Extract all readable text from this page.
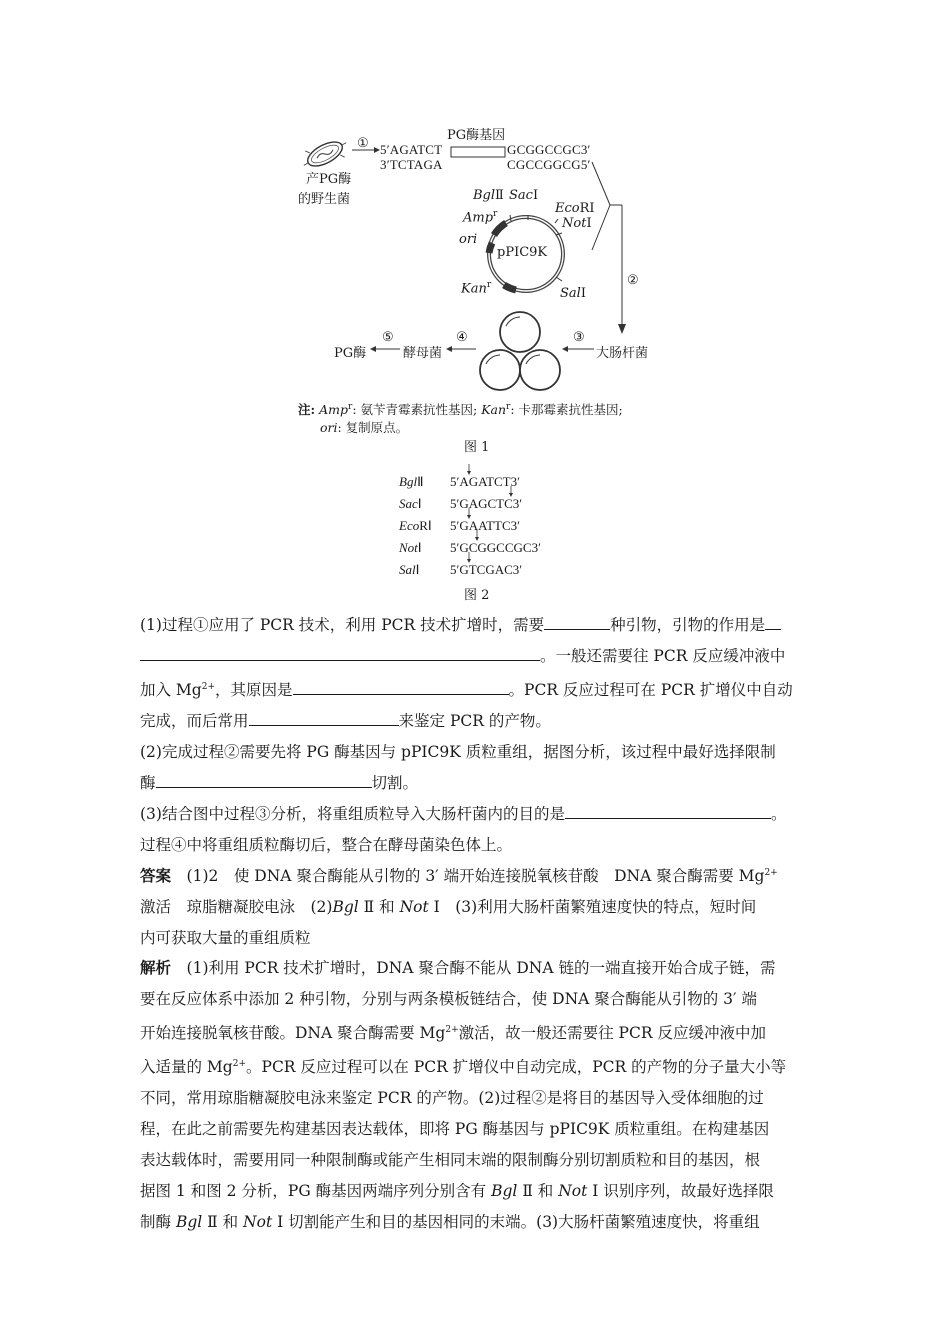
产PG酶
的野生菌
①
PG酶基因
5′AGATCT
3′TCTAGA
GCGGCCGC3′
CGCCGGCG5′
②
pPIC9K
BglⅡ SacⅠ
EcoRⅠ
NotⅠ
Amp$^r$
ori
Kan$^r$
SalⅠ
PG酶
⑤
酵母菌
④	③
大肠杆菌
注: Amp$^r$: 氨苄青霉素抗性基因; Kan$^r$: 卡那霉素抗性基因;
ori: 复制原点。
图 1
BglⅡ 5′AGATCT3′
SacⅠ 5′GAGCTC3′
EcoRⅠ 5′GAATTC3′
NotⅠ 5′GCGGCCGC3′
SalⅠ 5′GTCGAC3′
图 2

(1)过程①应用了 PCR 技术，利用 PCR 技术扩增时，需要	种引物，引物的作用是

。一般还需要往 PCR 反应缓冲液中

加入 $Mg^{2+}$，其原因是	。PCR 反应过程可在 PCR 扩增仪中自动

完成，而后常用	来鉴定 PCR 的产物。

(2)完成过程②需要先将 PG 酶基因与 pPIC9K 质粒重组，据图分析，该过程中最好选择限制

酶	切割。

(3)结合图中过程③分析，将重组质粒导入大肠杆菌内的目的是	。

过程④中将重组质粒酶切后，整合在酵母菌染色体上。

答案　 (1)2　使 DNA 聚合酶能从引物的 3′ 端开始连接脱氧核苷酸　DNA 聚合酶需要 $Mg^{2+}$

激活　琼脂糖凝胶电泳　(2)Bgl Ⅱ 和 Not Ⅰ　(3)利用大肠杆菌繁殖速度快的特点，短时间

内可获取大量的重组质粒

解析　 (1)利用 PCR 技术扩增时，DNA 聚合酶不能从 DNA 链的一端直接开始合成子链，需

要在反应体系中添加 2 种引物，分别与两条模板链结合，使 DNA 聚合酶能从引物的 3′ 端

开始连接脱氧核苷酸。DNA 聚合酶需要 $Mg^{2+}$激活，故一般还需要往 PCR 反应缓冲液中加

入适量的 $Mg^{2+}$。PCR 反应过程可以在 PCR 扩增仪中自动完成，PCR 的产物的分子量大小等

不同，常用琼脂糖凝胶电泳来鉴定 PCR 的产物。(2)过程②是将目的基因导入受体细胞的过

程，在此之前需要先构建基因表达载体，即将 PG 酶基因与 pPIC9K 质粒重组。在构建基因

表达载体时，需要用同一种限制酶或能产生相同末端的限制酶分别切割质粒和目的基因，根

据图 1 和图 2 分析，PG 酶基因两端序列分别含有 Bgl Ⅱ 和 Not Ⅰ 识别序列，故最好选择限

制酶 Bgl Ⅱ 和 Not Ⅰ 切割能产生和目的基因相同的末端。(3)大肠杆菌繁殖速度快，将重组
